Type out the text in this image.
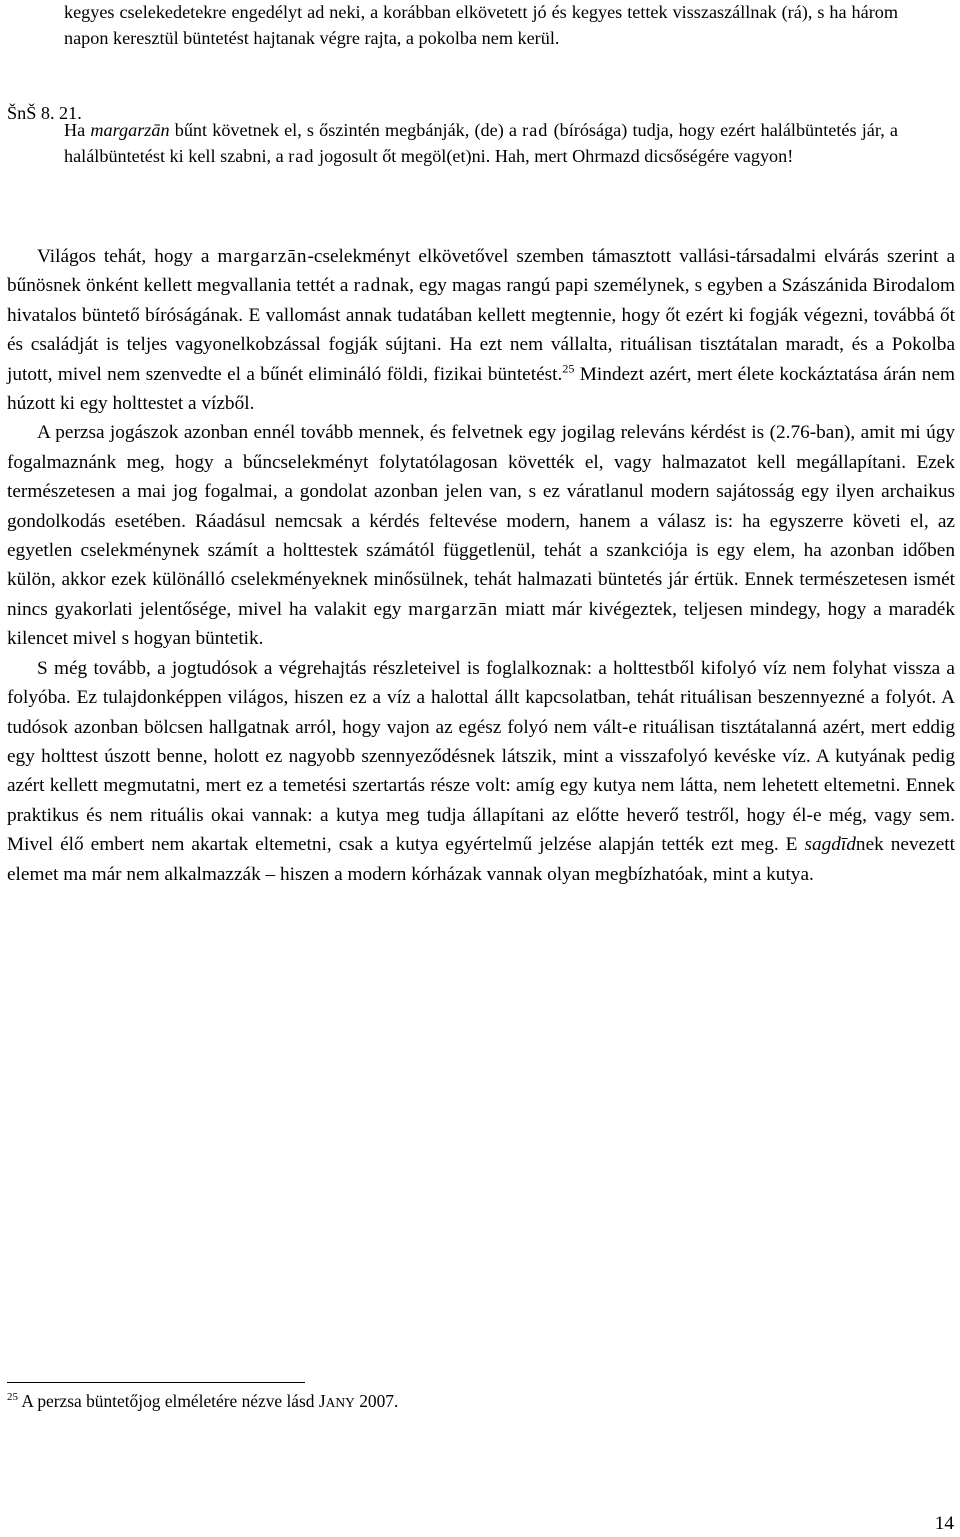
kegyes cselekedetekre engedélyt ad neki, a korábban elkövetett jó és kegyes tettek visszaszállnak (rá), s ha három napon keresztül büntetést hajtanak végre rajta, a pokolba nem kerül.

ŠnŠ 8. 21.

Ha margarzān bűnt követnek el, s őszintén megbánják, (de) a rad (bírósága) tudja, hogy ezért halálbüntetés jár, a halálbüntetést ki kell szabni, a rad jogosult őt megöl(et)ni. Hah, mert Ohrmazd dicsőségére vagyon!

Világos tehát, hogy a margarzān-cselekményt elkövetővel szemben támasztott vallási-társadalmi elvárás szerint a bűnösnek önként kellett megvallania tettét a radnak, egy magas rangú papi személynek, s egyben a Szászánida Birodalom hivatalos büntető bíróságának. E vallomást annak tudatában kellett megtennie, hogy őt ezért ki fogják végezni, továbbá őt és családját is teljes vagyonelkobzással fogják sújtani. Ha ezt nem vállalta, rituálisan tisztátalan maradt, és a Pokolba jutott, mivel nem szenvedte el a bűnét elimináló földi, fizikai büntetést.$^{25}$ Mindezt azért, mert élete kockáztatása árán nem húzott ki egy holttestet a vízből.

A perzsa jogászok azonban ennél tovább mennek, és felvetnek egy jogilag releváns kérdést is (2.76-ban), amit mi úgy fogalmaznánk meg, hogy a bűncselekményt folytatólagosan követték el, vagy halmazatot kell megállapítani. Ezek természetesen a mai jog fogalmai, a gondolat azonban jelen van, s ez váratlanul modern sajátosság egy ilyen archaikus gondolkodás esetében. Ráadásul nemcsak a kérdés feltevése modern, hanem a válasz is: ha egyszerre követi el, az egyetlen cselekménynek számít a holttestek számától függetlenül, tehát a szankciója is egy elem, ha azonban időben külön, akkor ezek különálló cselekményeknek minősülnek, tehát halmazati büntetés jár értük. Ennek természetesen ismét nincs gyakorlati jelentősége, mivel ha valakit egy margarzān miatt már kivégeztek, teljesen mindegy, hogy a maradék kilencet mivel s hogyan büntetik.

S még tovább, a jogtudósok a végrehajtás részleteivel is foglalkoznak: a holttestből kifolyó víz nem folyhat vissza a folyóba. Ez tulajdonképpen világos, hiszen ez a víz a halottal állt kapcsolatban, tehát rituálisan beszennyezné a folyót. A tudósok azonban bölcsen hallgatnak arról, hogy vajon az egész folyó nem vált-e rituálisan tisztátalanná azért, mert eddig egy holttest úszott benne, holott ez nagyobb szennyeződésnek látszik, mint a visszafolyó kevéske víz. A kutyának pedig azért kellett megmutatni, mert ez a temetési szertartás része volt: amíg egy kutya nem látta, nem lehetett eltemetni. Ennek praktikus és nem rituális okai vannak: a kutya meg tudja állapítani az előtte heverő testről, hogy él-e még, vagy sem. Mivel élő embert nem akartak eltemetni, csak a kutya egyértelmű jelzése alapján tették ezt meg. E sagdīdnek nevezett elemet ma már nem alkalmazzák – hiszen a modern kórházak vannak olyan megbízhatóak, mint a kutya.

$^{25}$ A perzsa büntetőjog elméletére nézve lásd JANY 2007.
14
